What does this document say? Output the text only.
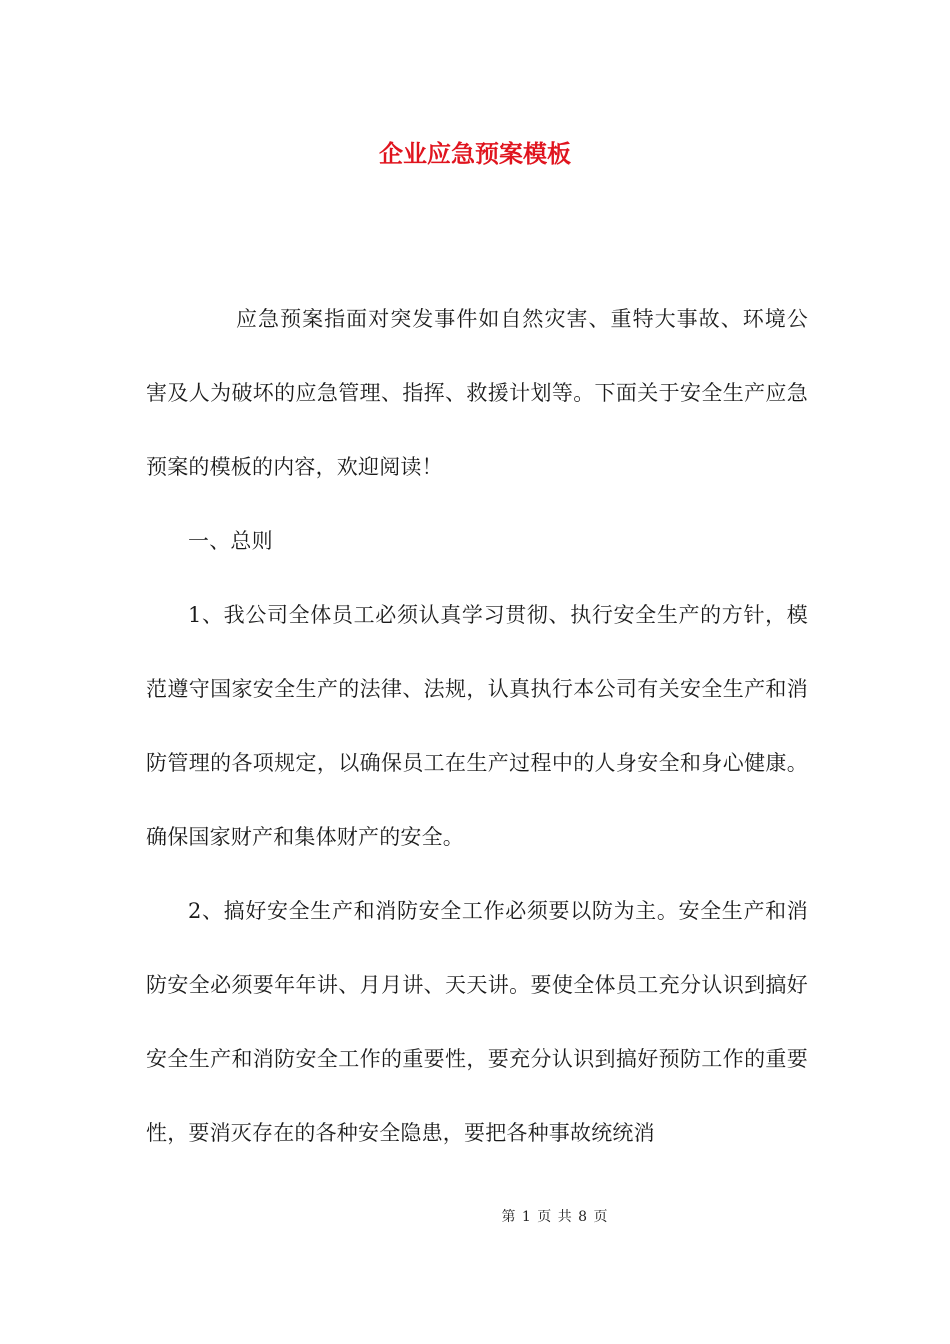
企业应急预案模板

应急预案指面对突发事件如自然灾害、重特大事故、环境公害及人为破坏的应急管理、指挥、救援计划等。下面关于安全生产应急预案的模板的内容，欢迎阅读！

一、总则

1、我公司全体员工必须认真学习贯彻、执行安全生产的方针，模范遵守国家安全生产的法律、法规，认真执行本公司有关安全生产和消防管理的各项规定，以确保员工在生产过程中的人身安全和身心健康。确保国家财产和集体财产的安全。

2、搞好安全生产和消防安全工作必须要以防为主。安全生产和消防安全必须要年年讲、月月讲、天天讲。要使全体员工充分认识到搞好安全生产和消防安全工作的重要性，要充分认识到搞好预防工作的重要性，要消灭存在的各种安全隐患，要把各种事故统统消

第 1 页 共 8 页
